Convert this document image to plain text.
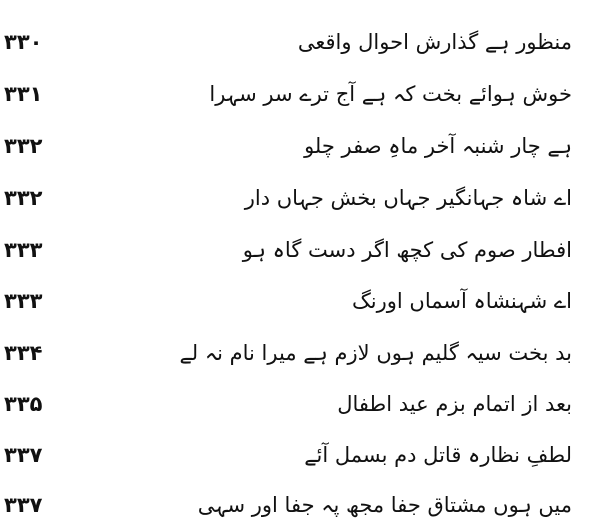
منظور ہے گذارش احوال واقعی
۳۳۰
خوش ہوائے بخت کہ ہے آج ترے سر سہرا
۳۳۱
ہے چار شنبہ آخر ماہِ صفر چلو
۳۳۲
اے شاہ جہانگیر جہاں بخش جہاں دار
۳۳۲
افطار صوم کی کچھ اگر دست گاہ ہو
۳۳۳
اے شہنشاہ آسماں اورنگ
۳۳۳
بد بخت سیہ گلیم ہوں لازم ہے میرا نام نہ لے
۳۳۴
بعد از اتمام بزم عید اطفال
۳۳۵
لطفِ نظارہ قاتل دم بسمل آئے
۳۳۷
میں ہوں مشتاق جفا مجھ پہ جفا اور سہی
۳۳۷
